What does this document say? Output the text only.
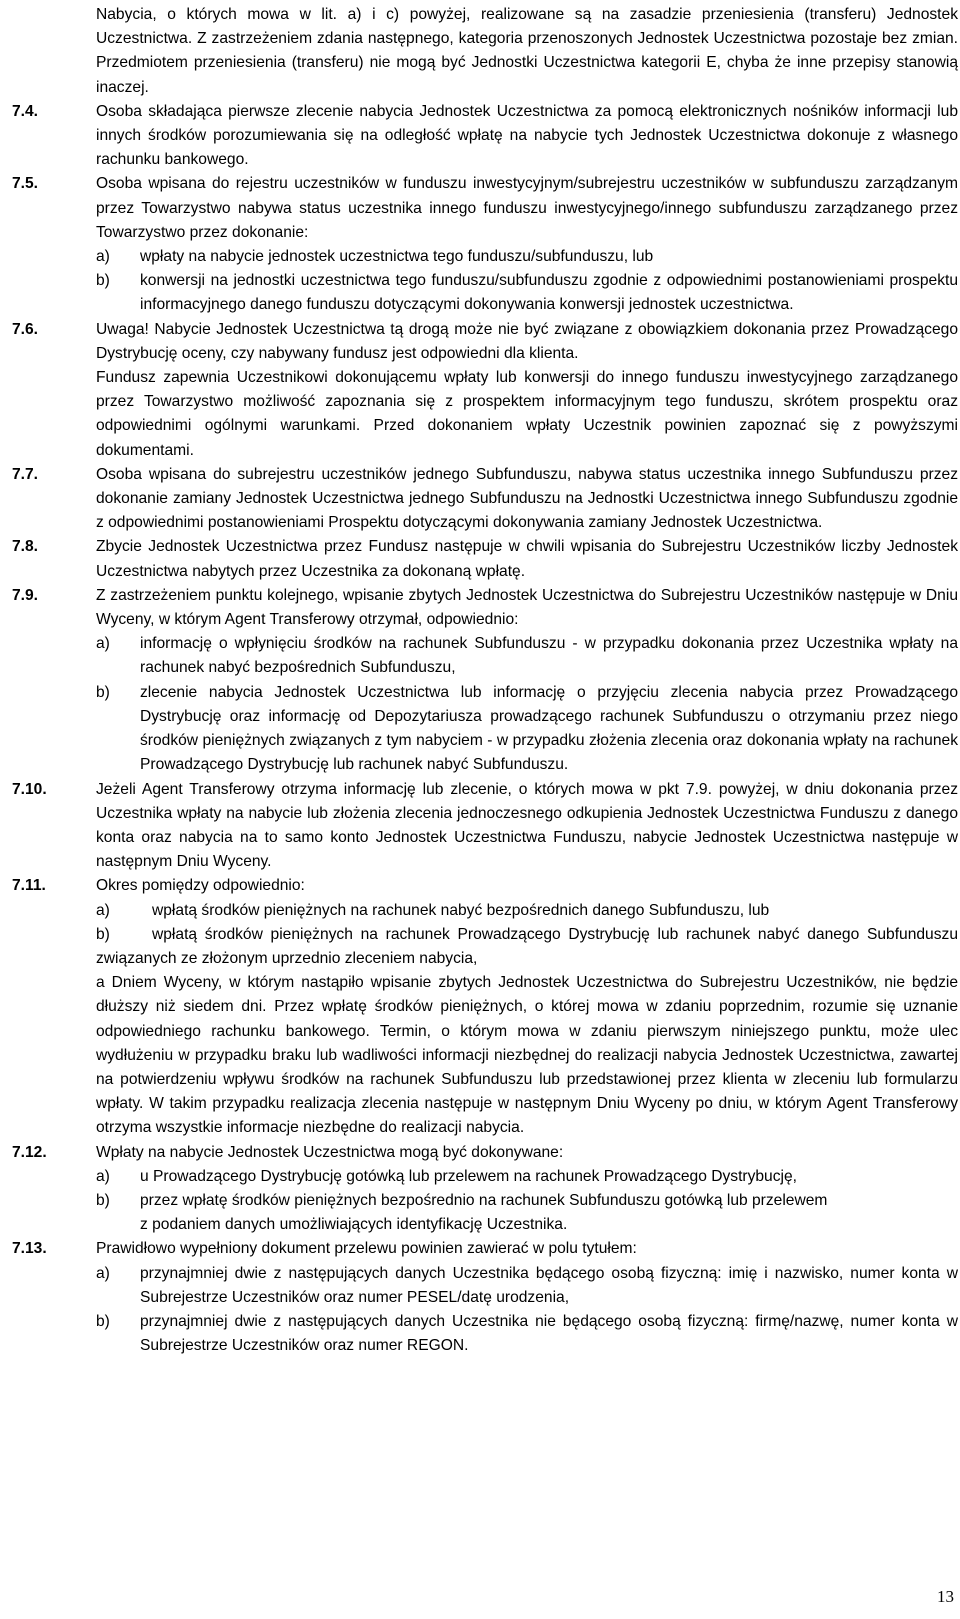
Nabycia, o których mowa w lit. a) i c) powyżej, realizowane są na zasadzie przeniesienia (transferu) Jednostek Uczestnictwa. Z zastrzeżeniem zdania następnego, kategoria przenoszonych Jednostek Uczestnictwa pozostaje bez zmian. Przedmiotem przeniesienia (transferu) nie mogą być Jednostki Uczestnictwa kategorii E, chyba że inne przepisy stanowią inaczej.
7.4.	Osoba składająca pierwsze zlecenie nabycia Jednostek Uczestnictwa za pomocą elektronicznych nośników informacji lub innych środków porozumiewania się na odległość wpłatę na nabycie tych Jednostek Uczestnictwa dokonuje z własnego rachunku bankowego.
7.5.	Osoba wpisana do rejestru uczestników w funduszu inwestycyjnym/subrejestru uczestników w subfunduszu zarządzanym przez Towarzystwo nabywa status uczestnika innego funduszu inwestycyjnego/innego subfunduszu zarządzanego przez Towarzystwo przez dokonanie:
a) wpłaty na nabycie jednostek uczestnictwa tego funduszu/subfunduszu, lub
b) konwersji na jednostki uczestnictwa tego funduszu/subfunduszu zgodnie z odpowiednimi postanowieniami prospektu informacyjnego danego funduszu dotyczącymi dokonywania konwersji jednostek uczestnictwa.
7.6.	Uwaga! Nabycie Jednostek Uczestnictwa tą drogą może nie być związane z obowiązkiem dokonania przez Prowadzącego Dystrybucję oceny, czy nabywany fundusz jest odpowiedni dla klienta.
Fundusz zapewnia Uczestnikowi dokonującemu wpłaty lub konwersji do innego funduszu inwestycyjnego zarządzanego przez Towarzystwo możliwość zapoznania się z prospektem informacyjnym tego funduszu, skrótem prospektu oraz odpowiednimi ogólnymi warunkami. Przed dokonaniem wpłaty Uczestnik powinien zapoznać się z powyższymi dokumentami.
7.7.	Osoba wpisana do subrejestru uczestników jednego Subfunduszu, nabywa status uczestnika innego Subfunduszu przez dokonanie zamiany Jednostek Uczestnictwa jednego Subfunduszu na Jednostki Uczestnictwa innego Subfunduszu zgodnie z odpowiednimi postanowieniami Prospektu dotyczącymi dokonywania zamiany Jednostek Uczestnictwa.
7.8.	Zbycie Jednostek Uczestnictwa przez Fundusz następuje w chwili wpisania do Subrejestru Uczestników liczby Jednostek Uczestnictwa nabytych przez Uczestnika za dokonaną wpłatę.
7.9.	Z zastrzeżeniem punktu kolejnego, wpisanie zbytych Jednostek Uczestnictwa do Subrejestru Uczestników następuje w Dniu Wyceny, w którym Agent Transferowy otrzymał, odpowiednio:
a) informację o wpłynięciu środków na rachunek Subfunduszu - w przypadku dokonania przez Uczestnika wpłaty na rachunek nabyć bezpośrednich Subfunduszu,
b) zlecenie nabycia Jednostek Uczestnictwa lub informację o przyjęciu zlecenia nabycia przez Prowadzącego Dystrybucję oraz informację od Depozytariusza prowadzącego rachunek Subfunduszu o otrzymaniu przez niego środków pieniężnych związanych z tym nabyciem - w przypadku złożenia zlecenia oraz dokonania wpłaty na rachunek Prowadzącego Dystrybucję lub rachunek nabyć Subfunduszu.
7.10.	Jeżeli Agent Transferowy otrzyma informację lub zlecenie, o których mowa w pkt 7.9. powyżej, w dniu dokonania przez Uczestnika wpłaty na nabycie lub złożenia zlecenia jednoczesnego odkupienia Jednostek Uczestnictwa Funduszu z danego konta oraz nabycia na to samo konto Jednostek Uczestnictwa Funduszu, nabycie Jednostek Uczestnictwa następuje w następnym Dniu Wyceny.
7.11.	Okres pomiędzy odpowiednio:
a)	wpłatą środków pieniężnych na rachunek nabyć bezpośrednich danego Subfunduszu, lub
b)	wpłatą środków pieniężnych na rachunek Prowadzącego Dystrybucję lub rachunek nabyć danego Subfunduszu związanych ze złożonym uprzednio zleceniem nabycia,
a Dniem Wyceny, w którym nastąpiło wpisanie zbytych Jednostek Uczestnictwa do Subrejestru Uczestników, nie będzie dłuższy niż siedem dni. Przez wpłatę środków pieniężnych, o której mowa w zdaniu poprzednim, rozumie się uznanie odpowiedniego rachunku bankowego. Termin, o którym mowa w zdaniu pierwszym niniejszego punktu, może ulec wydłużeniu w przypadku braku lub wadliwości informacji niezbędnej do realizacji nabycia Jednostek Uczestnictwa, zawartej na potwierdzeniu wpływu środków na rachunek Subfunduszu lub przedstawionej przez klienta w zleceniu lub formularzu wpłaty. W takim przypadku realizacja zlecenia następuje w następnym Dniu Wyceny po dniu, w którym Agent Transferowy otrzyma wszystkie informacje niezbędne do realizacji nabycia.
7.12.	Wpłaty na nabycie Jednostek Uczestnictwa mogą być dokonywane:
a) u Prowadzącego Dystrybucję gotówką lub przelewem na rachunek Prowadzącego Dystrybucję,
b) przez wpłatę środków pieniężnych bezpośrednio na rachunek Subfunduszu gotówką lub przelewem
z podaniem danych umożliwiających identyfikację Uczestnika.
7.13.	Prawidłowo wypełniony dokument przelewu powinien zawierać w polu tytułem:
a) przynajmniej dwie z następujących danych Uczestnika będącego osobą fizyczną: imię i nazwisko, numer konta w Subrejestrze Uczestników oraz numer PESEL/datę urodzenia,
b) przynajmniej dwie z następujących danych Uczestnika nie będącego osobą fizyczną: firmę/nazwę, numer konta w Subrejestrze Uczestników oraz numer REGON.
13
